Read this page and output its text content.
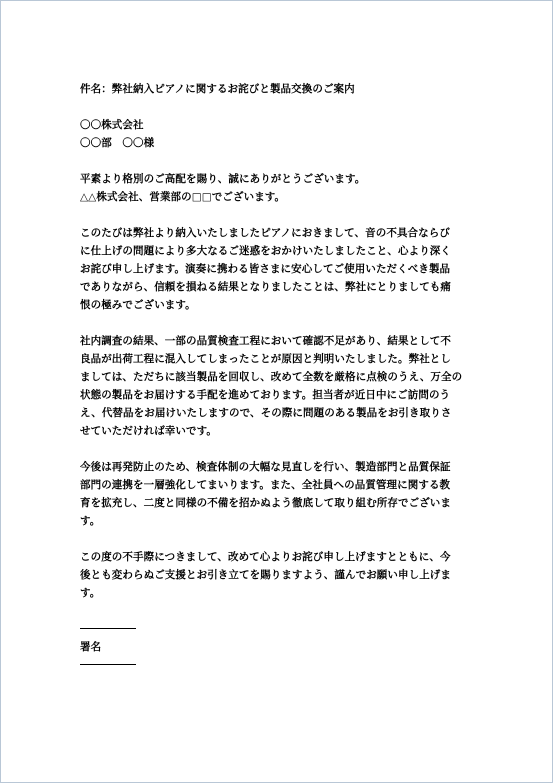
件名：弊社納入ピアノに関するお詫びと製品交換のご案内
〇〇株式会社
〇〇部　〇〇様
平素より格別のご高配を賜り、誠にありがとうございます。
△△株式会社、営業部の□□でございます。
このたびは弊社より納入いたしましたピアノにおきまして、音の不具合ならび
に仕上げの問題により多大なるご迷惑をおかけいたしましたこと、心より深く
お詫び申し上げます。演奏に携わる皆さまに安心してご使用いただくべき製品
でありながら、信頼を損ねる結果となりましたことは、弊社にとりましても痛
恨の極みでございます。
社内調査の結果、一部の品質検査工程において確認不足があり、結果として不
良品が出荷工程に混入してしまったことが原因と判明いたしました。弊社とし
ましては、ただちに該当製品を回収し、改めて全数を厳格に点検のうえ、万全の
状態の製品をお届けする手配を進めております。担当者が近日中にご訪問のう
え、代替品をお届けいたしますので、その際に問題のある製品をお引き取りさ
せていただければ幸いです。
今後は再発防止のため、検査体制の大幅な見直しを行い、製造部門と品質保証
部門の連携を一層強化してまいります。また、全社員への品質管理に関する教
育を拡充し、二度と同様の不備を招かぬよう徹底して取り組む所存でございま
す。
この度の不手際につきまして、改めて心よりお詫び申し上げますとともに、今
後とも変わらぬご支援とお引き立てを賜りますよう、謹んでお願い申し上げま
す。
署名
